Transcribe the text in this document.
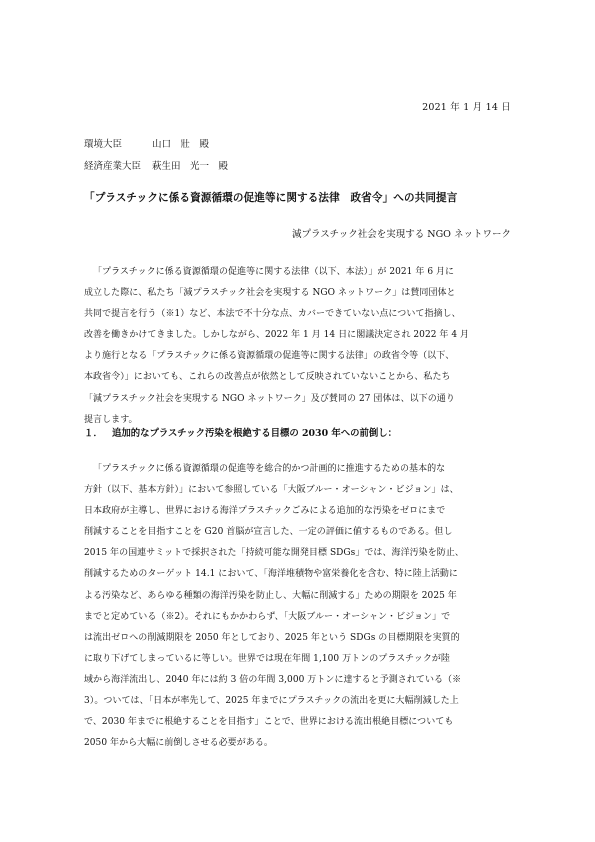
2021 年 1 月 14 日
環境大臣	山口　壯　殿
経済産業大臣 萩生田　光一　殿
「プラスチックに係る資源循環の促進等に関する法律　政省令」への共同提言
減プラスチック社会を実現する NGO ネットワーク

「プラスチックに係る資源循環の促進等に関する法律（以下、本法）」が 2021 年 6 月に
成立した際に、私たち「減プラスチック社会を実現する NGO ネットワーク」は賛同団体と
共同で提言を行う（※1）など、本法で不十分な点、カバーできていない点について指摘し、
改善を働きかけてきました。しかしながら、2022 年 1 月 14 日に閣議決定され 2022 年 4 月
より施行となる「プラスチックに係る資源循環の促進等に関する法律」の政省令等（以下、
本政省令）」においても、これらの改善点が依然として反映されていないことから、私たち
「減プラスチック社会を実現する NGO ネットワーク」及び賛同の 27 団体は、以下の通り
提言します。

１． 追加的なプラスチック汚染を根絶する目標の 2030 年への前倒し：

「プラスチックに係る資源循環の促進等を総合的かつ計画的に推進するための基本的な
方針（以下、基本方針）」において参照している「大阪ブルー・オーシャン・ビジョン」は、
日本政府が主導し、世界における海洋プラスチックごみによる追加的な汚染をゼロにまで
削減することを目指すことを G20 首脳が宣言した、一定の評価に値するものである。但し
2015 年の国連サミットで採択された「持続可能な開発目標 SDGs」では、海洋汚染を防止、
削減するためのターゲット 14.1 において、「海洋堆積物や富栄養化を含む、特に陸上活動に
よる汚染など、あらゆる種類の海洋汚染を防止し、大幅に削減する」ための期限を 2025 年
までと定めている（※2）。それにもかかわらず、「大阪ブルー・オーシャン・ビジョン」で
は流出ゼロへの削減期限を 2050 年としており、2025 年という SDGs の目標期限を実質的
に取り下げてしまっているに等しい。世界では現在年間 1,100 万トンのプラスチックが陸
域から海洋流出し、2040 年には約 3 倍の年間 3,000 万トンに達すると予測されている（※
3）。ついては、「日本が率先して、2025 年までにプラスチックの流出を更に大幅削減した上
で、2030 年までに根絶することを目指す」ことで、世界における流出根絶目標についても
2050 年から大幅に前倒しさせる必要がある。
